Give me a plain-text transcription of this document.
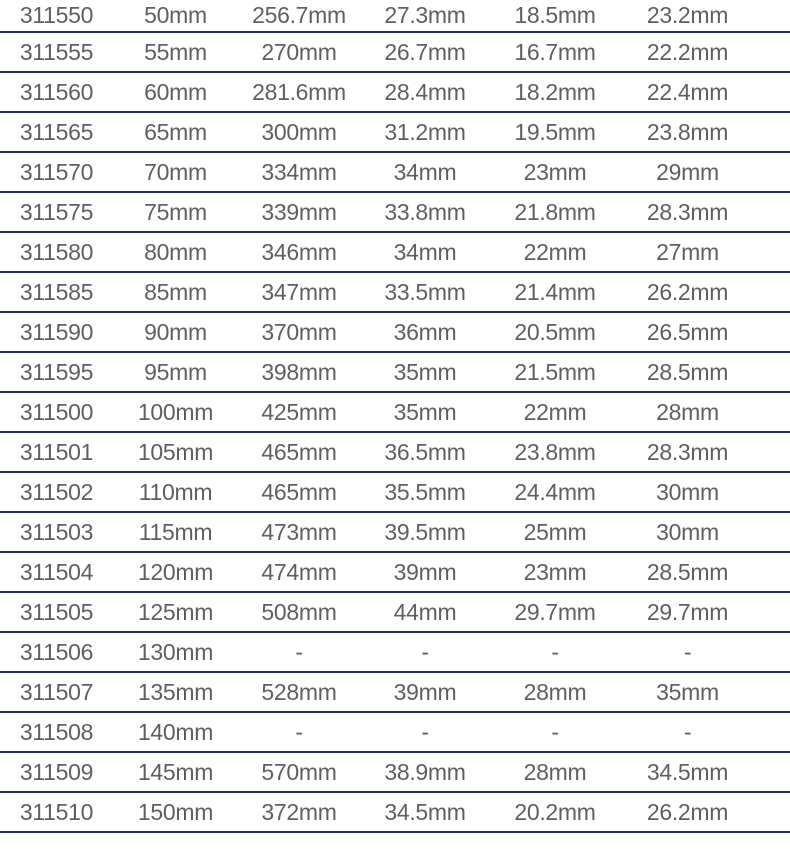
311550	50mm	256.7mm	27.3mm	18.5mm	23.2mm
311555	55mm	270mm	26.7mm	16.7mm	22.2mm
311560	60mm	281.6mm	28.4mm	18.2mm	22.4mm
311565	65mm	300mm	31.2mm	19.5mm	23.8mm
311570	70mm	334mm	34mm	23mm	29mm
311575	75mm	339mm	33.8mm	21.8mm	28.3mm
311580	80mm	346mm	34mm	22mm	27mm
311585	85mm	347mm	33.5mm	21.4mm	26.2mm
311590	90mm	370mm	36mm	20.5mm	26.5mm
311595	95mm	398mm	35mm	21.5mm	28.5mm
311500	100mm	425mm	35mm	22mm	28mm
311501	105mm	465mm	36.5mm	23.8mm	28.3mm
311502	110mm	465mm	35.5mm	24.4mm	30mm
311503	115mm	473mm	39.5mm	25mm	30mm
311504	120mm	474mm	39mm	23mm	28.5mm
311505	125mm	508mm	44mm	29.7mm	29.7mm
311506	130mm	-	-	-	-
311507	135mm	528mm	39mm	28mm	35mm
311508	140mm	-	-	-	-
311509	145mm	570mm	38.9mm	28mm	34.5mm
311510	150mm	372mm	34.5mm	20.2mm	26.2mm
